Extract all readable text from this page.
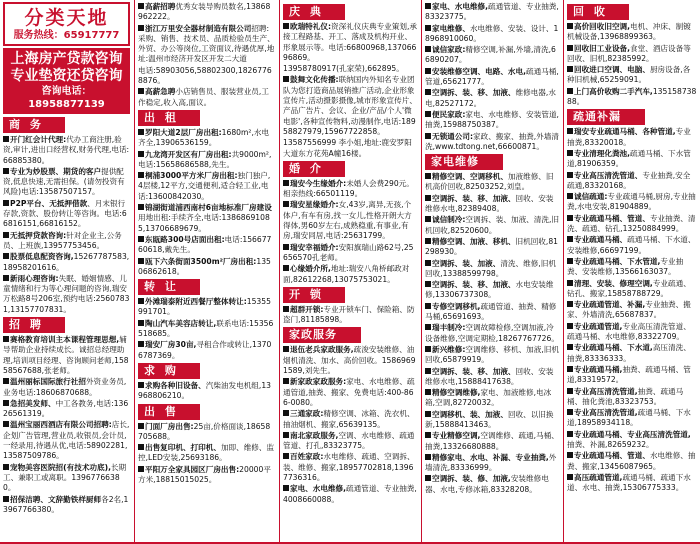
分类天地
服务热线：65917777
上海房产贷款咨询
专业垫资还贷咨询
咨询电话：18958877139
商 务
开门红会计代理:代办工商注册,验资,审计,进出口经营权,财务代理,电话:66885380。
专业为炒股票、期货的客户提供配资,低息快速,无需担保。(请勿投资有风险)电话:13587507157。
P2P平台、无抵押借款、月末银行存款,资款、股份转让等咨询。电话:66816151,66816152。
无抵押贷款咨询:针对企业主,公务员、上班族,13957753456。
股票低息配资咨询,15267787583,18958201616。
新雨心理咨询:失眠、婚姻情感、儿童情绪和行为等心理问题的咨询,瑞安万松路8号206室,预约电话:25607831,13157707831。
招 聘
赛格教育培训主本课程管理思想,辅导帮助企业持续成长。诚招总经理助理,培训项目经理、咨询顾问老师,15858567688,张老师。
温州丽标国际旅行社招外资业务员,业务电话:18606870688。
急招美发师、中工各教务,电话:13626561319。
温州宝丽西酒店有限公司招聘:店长,企划广告管理,营业员,收银员,会计员,一经录用,待遇从优,电话:58902281,13587509786。
宠物美容医院招(有技术功底),长期工、兼职工或离职。13967766380。
招保洁聘、文辞勤铁样厨师各2名,13967766380。
高薪招聘优秀女装导购员数名,13868962222。
浙江万里安全器材制造有限公司招聘:采购、销售、技术员、品质检验员生产、外贸、办公等岗位,工资面议,待遇优厚,地址:温州市经济开发区开发二大道
电话:58903056,58802300,18267768876。
高薪急聘小店销售员、服装营业员,工作稳定,收入高,面议。
出 租
罗阳大道2层厂房出租:1680m²,水电齐全,13906536159。
九龙湾开发区有厂房出租:共9000m²,电话:15658686588,先生。
桐浦3000平方米厂房出租:独门独户,4层楼,12平方,交通便利,适合轻工业,电话:13600842030。
锦湖街道浦西南村6亩地标准厂房建设用地出租:手续齐全,电话:13868691085,13706689679。
东瓯路300号店面出租:电话:15667760618,戴先生。
瓯下六条街面3500m²厂房出租:13506862618。
转 让
外滩瑞泰附近西餐厅整体转让:15355991701。
陶山汽车美容店转让,联系电话:15356518685。
瑞安厂房30亩,寻租合作或转让,13706787369。
求 购
求购各种旧设备、汽柴油发电机组,13968806210。
出 售
门面厂房出售:25亩,价格面谈,18658705688。
出售复印机、打印机、加即、维修、监控,LED安装,25693186。
平阳万全家具园区厂房出售:20000平方米,18815015025。
庆 典
欧瑞特礼仪:资深礼仪庆典专业策划,承接工程路基、开工、落成及机构开业、形象展示等。电话:66800968,13706696869。
13958780917(孔家荣),662895。
鼓舞文化传播:联纳国内外知名专业团队为您打造商品展销推广活动,企业形象宣传片,活动摄影摄像,城市形象宣传片、产品广告片、会议、企业/产品/个人'微电影',各种宣传物料,动漫制作,电话:18958827979,15967722858。
13587556999 李小姐,地址:鹿安罗阳大道东方花苑A幢16楼。
婚 介
瑞安今生缘婚介:未婚人会费290元。相亲热线:66501119。
瑞安星缘婚介:女,43岁,离异,无孩,个体户,有车有房,找一女儿,性格开朗大方得体,男60岁左右,成熟稳重,有事业,有房,瑞安同居,电话:25631799。
瑞安幸福婚介:安阳旗瑞山路62号,25656570孔老师。
心缘婚介所,地址:瑞安八角桥邮政对面,82612268,13075753021。
开 锁
超群开锁:专业开锁车门、保险箱、防盗门,81185898。
家政服务
退伍老兵家政服务,疏浚安装维修、油烟机清洗、加水、高价回收。15869691589,刘先生。
新家政家政服务:家电、水电维修、疏通管道,抽粪、搬家、免费电话:400-866-0080。
三通家政:精修空调、冰箱、洗衣机、抽油烟机、搬家,65639135。
南北家政服务,空调、水电维修、疏通管道、打孔,83323775。
百姓家政:水电维修、疏通、空调拆、装、维修、搬家,18957702818,13967736316。
家电、水电维修,疏通管道、专业抽粪,4008660088。
家电、水电维修,疏通管道、专业抽粪,83323775。
家电维修、水电维修、安装、设计、18968910060。
诚信家政:精修空调,补漏,外墙,清洗,66890207。
安装维修空调、电路、水电,疏通马桶,管道,65621777。
空调拆、装、移、加液、维修电器,水电,82527172。
便民家政:家电、水电维修、安装管道,抽粪,15988750387。
无锁通公司:家政、搬家、抽粪,外墙清洗,www.tdtong.net,66600871。
家电维修
精修空调、空调移机、加液维修、旧机高价回收,82503252,刘皇。
空调拆、装、移、加液、回收、安装维修水电,82389408。
诚信制冷:空调拆、装、加液、清洗,旧机回收,82520600。
精修空调、加液、移机、旧机回收,81298930。
空调拆、装、加液、清洗、维修,旧机回收,13388599798。
空调拆、装、移、加液、水电安装维修,13306737308。
专修空调移机,疏通管道、抽粪、精修马桶,65691693。
瑞丰制冷:空调故障检修,空调加液,冷设备维修,空调定期检,18267767726。
新兴维修:空调维修、移机、加液,旧机回收,65879919。
空调拆、装、移、加液、回收、安装维修水电,15888417638。
精修空调维修,家电、加液维修,电冰箱,空调,82720032。
空调移机、装、加液、回收、以旧换新,15888413463。
专业精修空调,空调维修、疏通,马桶、抽粪,13326680888。
精修家电、水电、补漏、专业抽粪,外墙清洗,83336999。
空调拆、装、修、加液,安装维修电器、水电,专修冰箱,83328208。
回 收
高价回收旧空调,电机、冲床、制镀机械设备,13968899363。
回收旧工业设备,食堂、酒店设备等回收、旧机,82385992。
回收进口空调、电脑、厨房设备,各种旧机械,65259091。
上门高价收购二手汽车,13515873888。
疏通补漏
瑞安专业疏通马桶、各种管道,专业抽粪,83320018。
专业清理化粪池,疏通马桶、下水管道,81906359。
专业高压清洗管道、专业抽粪,安全疏通,83320168。
诚信疏通:专业疏通马桶,厨房,专业抽粪,水电安装,81904889。
专业疏通马桶、管道、专业抽粪、清洗、疏通、钻孔,13250884999。
专业疏通马桶、疏通马桶、下水道、安装维修,66697199。
专业疏通马桶、下水管道,专业抽粪、安装维修,13566163037。
清理、安装、修理空调,专业疏通、钻孔、搬家,15858788729。
专业疏通管道、补漏,专业抽粪、搬家、外墙清洗,65687837。
专业疏通管道,专业高压清洗管道、疏通马桶、水电维修,83322709。
专业疏通马桶、下水道,高压清洗、抽粪,83336333。
专业疏通马桶,抽粪、疏通马桶、管道,83319572。
专业高压清洗管道,抽粪、疏通马桶、抽化粪池,83323753。
专业高压清洗管道,疏通马桶、下水道,18958934118。
专业疏通马桶、专业高压清洗管道,抽粪、补漏,82659232。
专业疏通马桶、管道、水电维修、抽粪、搬家,13456087965。
高压疏通管道,疏通马桶、疏通下水道、水电、抽粪,15306775333。
